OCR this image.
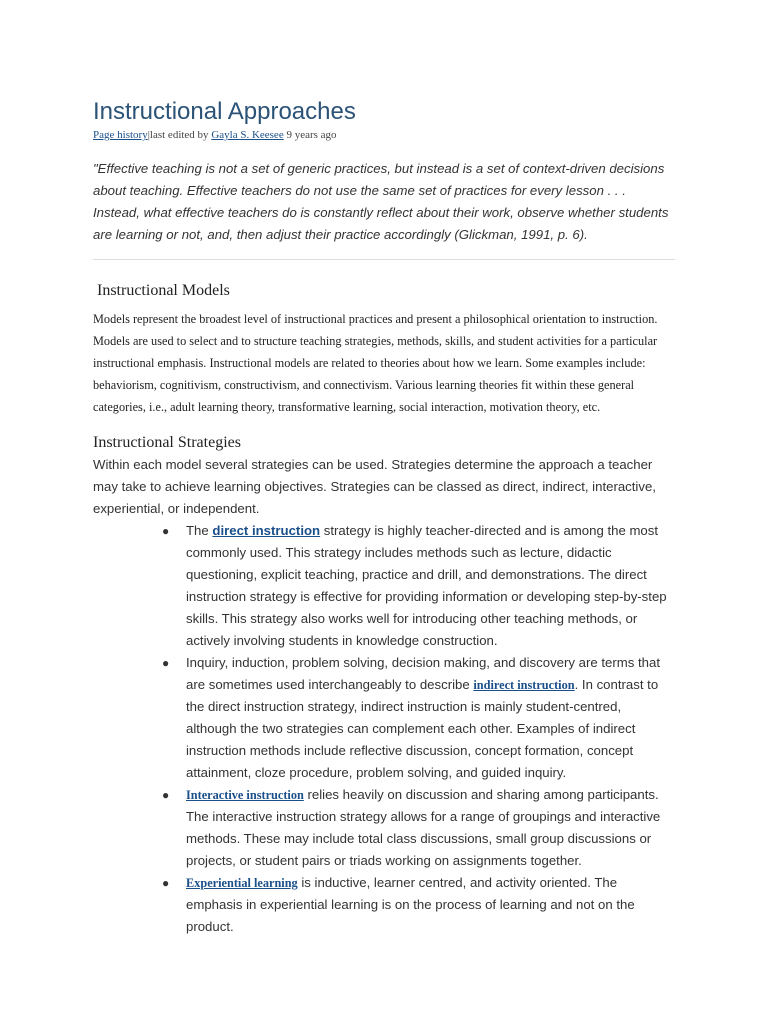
Instructional Approaches
Page history|last edited by Gayla S. Keesee 9 years ago
"Effective teaching is not a set of generic practices, but instead is a set of context-driven decisions about teaching. Effective teachers do not use the same set of practices for every lesson . . . Instead, what effective teachers do is constantly reflect about their work, observe whether students are learning or not, and, then adjust their practice accordingly (Glickman, 1991, p. 6).
Instructional Models
Models represent the broadest level of instructional practices and present a philosophical orientation to instruction. Models are used to select and to structure teaching strategies, methods, skills, and student activities for a particular instructional emphasis. Instructional models are related to theories about how we learn. Some examples include: behaviorism, cognitivism, constructivism, and connectivism. Various learning theories fit within these general categories, i.e., adult learning theory, transformative learning, social interaction, motivation theory, etc.
Instructional Strategies
Within each model several strategies can be used. Strategies determine the approach a teacher may take to achieve learning objectives. Strategies can be classed as direct, indirect, interactive, experiential, or independent.
● The direct instruction strategy is highly teacher-directed and is among the most commonly used. This strategy includes methods such as lecture, didactic questioning, explicit teaching, practice and drill, and demonstrations. The direct instruction strategy is effective for providing information or developing step-by-step skills. This strategy also works well for introducing other teaching methods, or actively involving students in knowledge construction.
● Inquiry, induction, problem solving, decision making, and discovery are terms that are sometimes used interchangeably to describe indirect instruction. In contrast to the direct instruction strategy, indirect instruction is mainly student-centred, although the two strategies can complement each other. Examples of indirect instruction methods include reflective discussion, concept formation, concept attainment, cloze procedure, problem solving, and guided inquiry.
● Interactive instruction relies heavily on discussion and sharing among participants. The interactive instruction strategy allows for a range of groupings and interactive methods. These may include total class discussions, small group discussions or projects, or student pairs or triads working on assignments together.
● Experiential learning is inductive, learner centred, and activity oriented. The emphasis in experiential learning is on the process of learning and not on the product.
